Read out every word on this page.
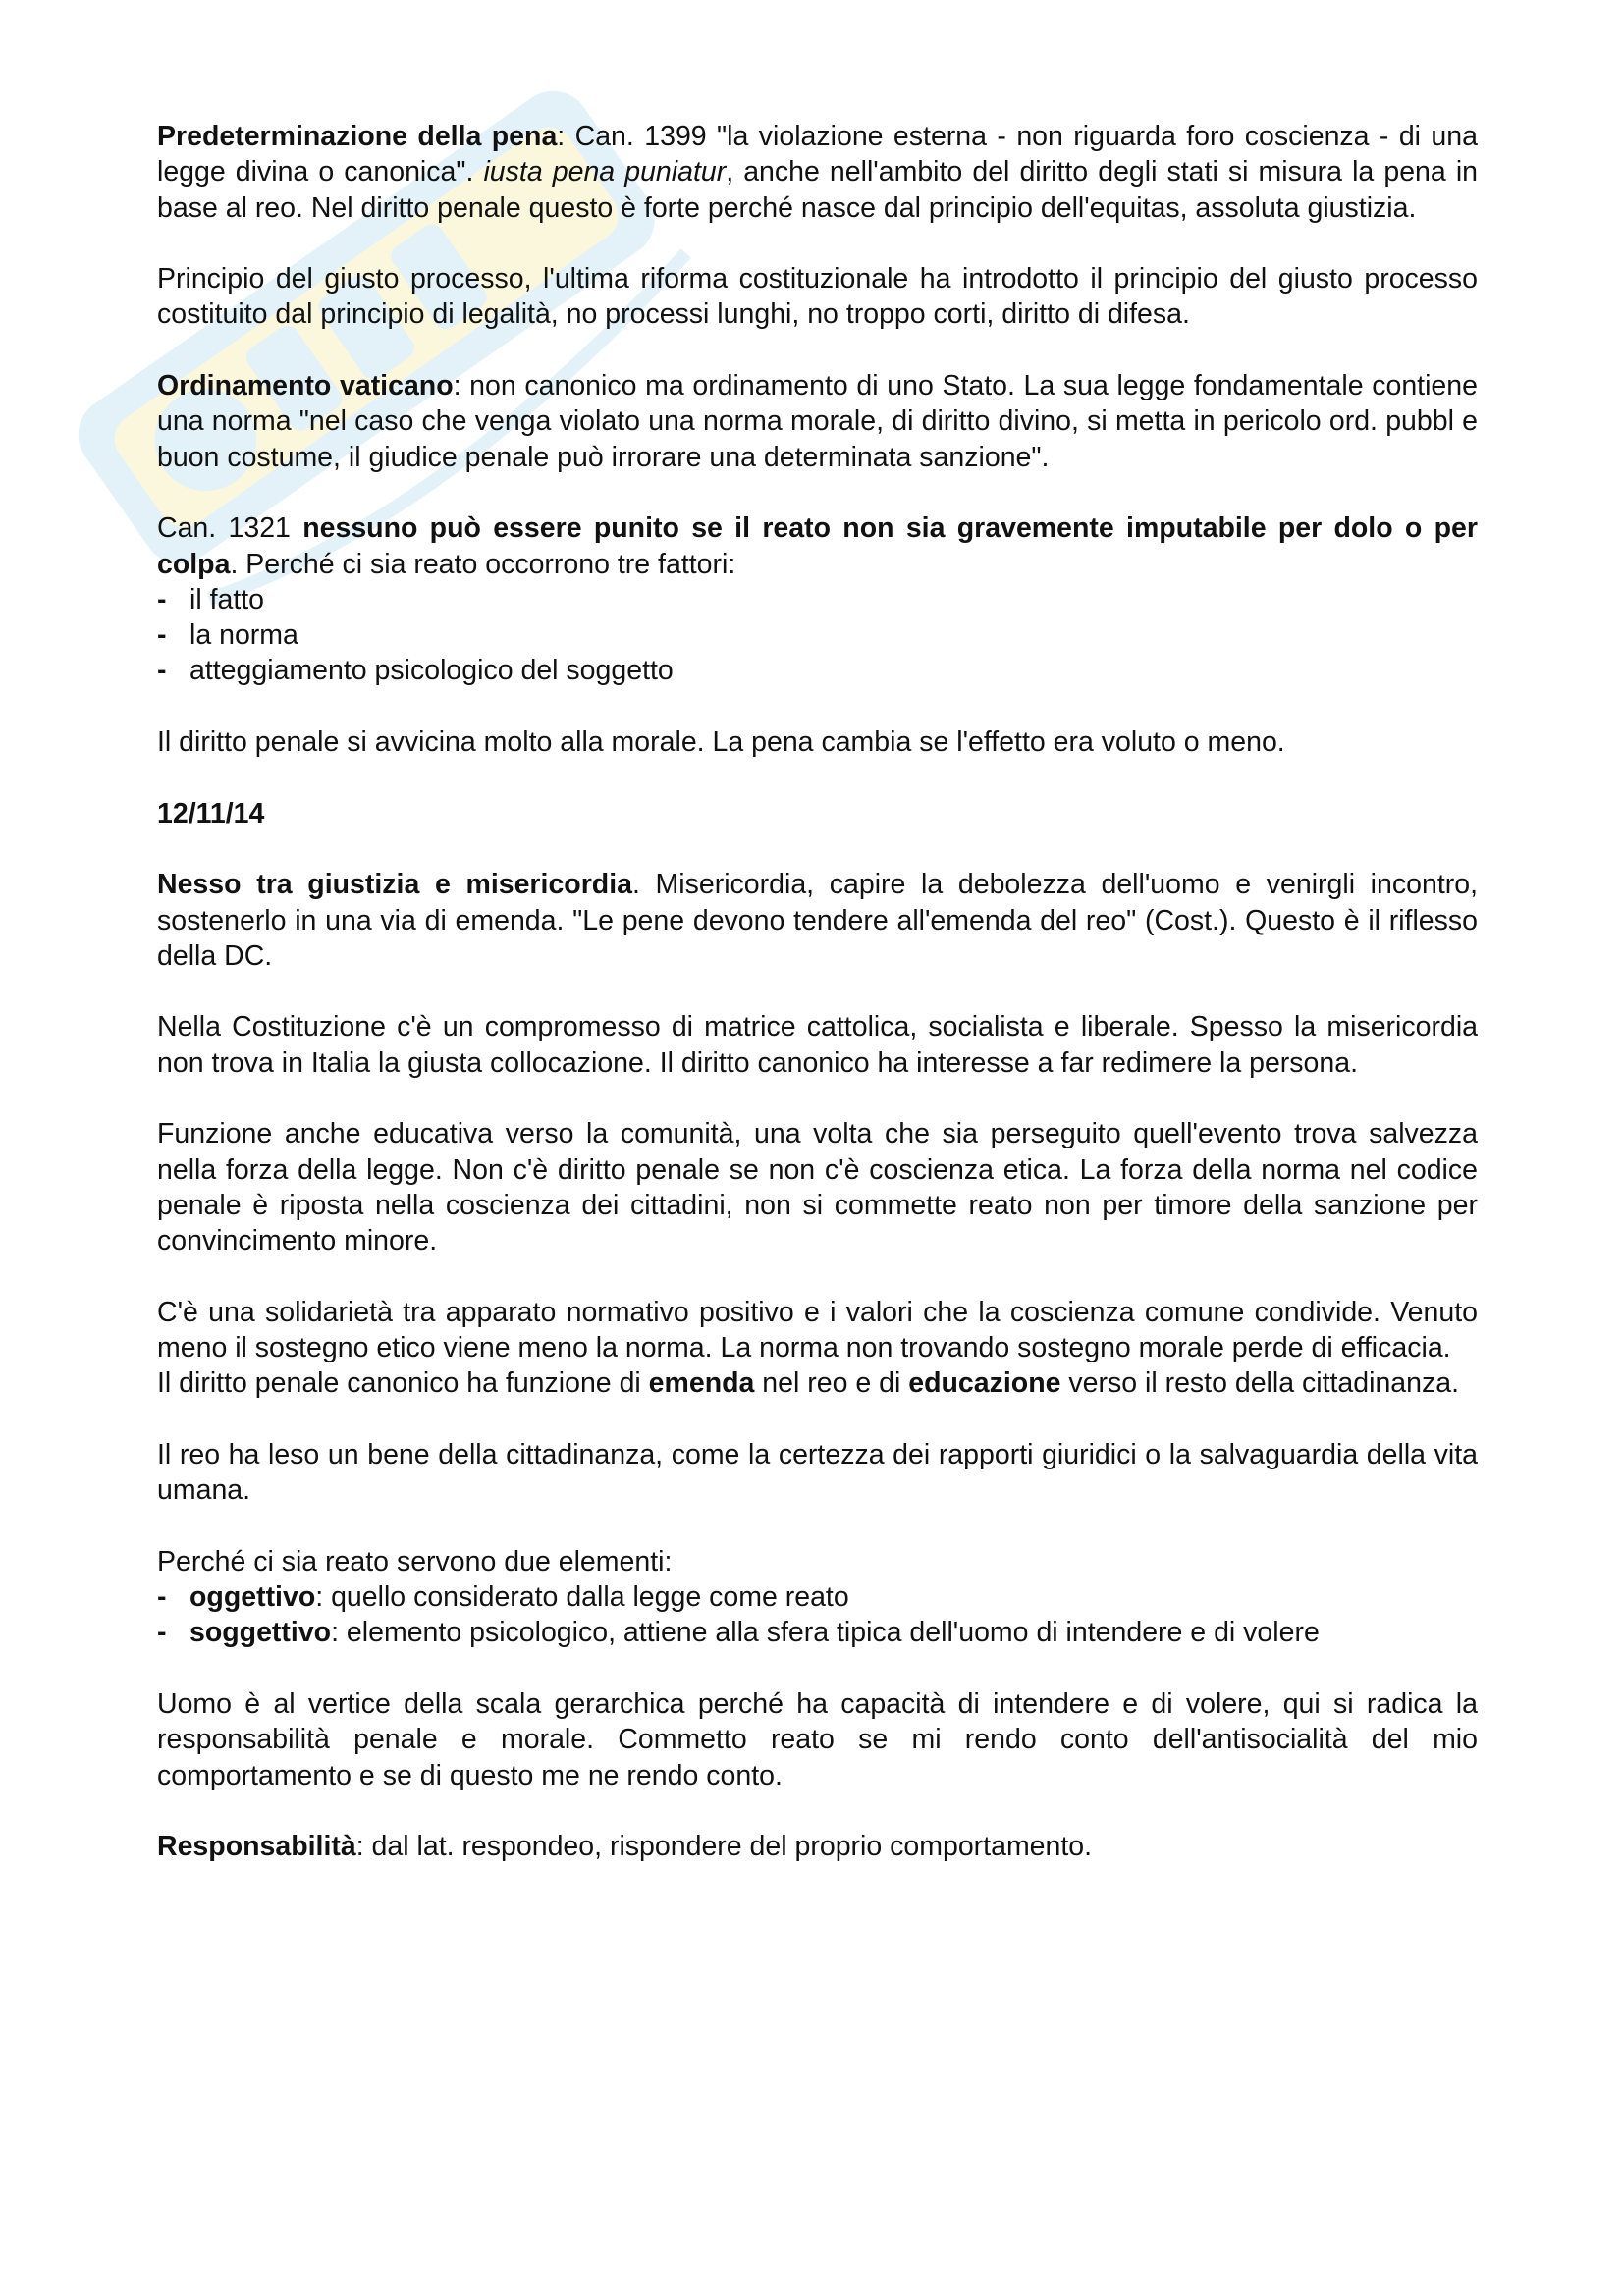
Predeterminazione della pena: Can. 1399 "la violazione esterna - non riguarda foro coscienza - di una legge divina o canonica". iusta pena puniatur, anche nell'ambito del diritto degli stati si misura la pena in base al reo. Nel diritto penale questo è forte perché nasce dal principio dell'equitas, assoluta giustizia.

Principio del giusto processo, l'ultima riforma costituzionale ha introdotto il principio del giusto processo costituito dal principio di legalità, no processi lunghi, no troppo corti, diritto di difesa.

Ordinamento vaticano: non canonico ma ordinamento di uno Stato. La sua legge fondamentale contiene una norma "nel caso che venga violato una norma morale, di diritto divino, si metta in pericolo ord. pubbl e buon costume, il giudice penale può irrorare una determinata sanzione".

Can. 1321 nessuno può essere punito se il reato non sia gravemente imputabile per dolo o per colpa. Perché ci sia reato occorrono tre fattori:

- il fatto
- la norma
- atteggiamento psicologico del soggetto

Il diritto penale si avvicina molto alla morale. La pena cambia se l'effetto era voluto o meno.

12/11/14

Nesso tra giustizia e misericordia. Misericordia, capire la debolezza dell'uomo e venirgli incontro, sostenerlo in una via di emenda. "Le pene devono tendere all'emenda del reo" (Cost.). Questo è il riflesso della DC.

Nella Costituzione c'è un compromesso di matrice cattolica, socialista e liberale. Spesso la misericordia non trova in Italia la giusta collocazione. Il diritto canonico ha interesse a far redimere la persona.

Funzione anche educativa verso la comunità, una volta che sia perseguito quell'evento trova salvezza nella forza della legge. Non c'è diritto penale se non c'è coscienza etica. La forza della norma nel codice penale è riposta nella coscienza dei cittadini, non si commette reato non per timore della sanzione per convincimento minore.

C'è una solidarietà tra apparato normativo positivo e i valori che la coscienza comune condivide. Venuto meno il sostegno etico viene meno la norma. La norma non trovando sostegno morale perde di efficacia.

Il diritto penale canonico ha funzione di emenda nel reo e di educazione verso il resto della cittadinanza.

Il reo ha leso un bene della cittadinanza, come la certezza dei rapporti giuridici o la salvaguardia della vita umana.

Perché ci sia reato servono due elementi:

- oggettivo: quello considerato dalla legge come reato
- soggettivo: elemento psicologico, attiene alla sfera tipica dell'uomo di intendere e di volere

Uomo è al vertice della scala gerarchica perché ha capacità di intendere e di volere, qui si radica la responsabilità penale e morale. Commetto reato se mi rendo conto dell'antisocialità del mio comportamento e se di questo me ne rendo conto.

Responsabilità: dal lat. respondeo, rispondere del proprio comportamento.
